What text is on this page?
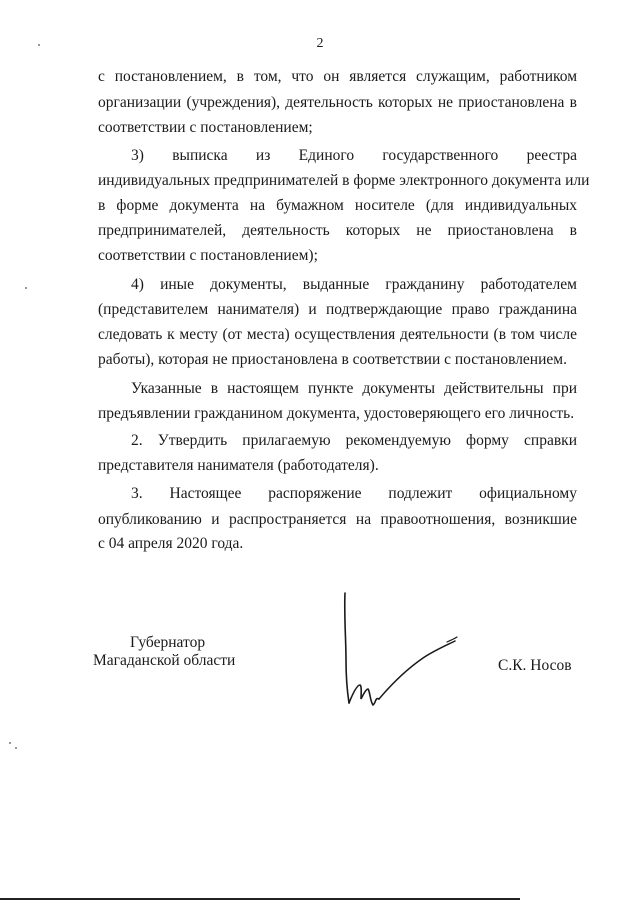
2
с постановлением, в том, что он является служащим, работником
организации (учреждения), деятельность которых не приостановлена в
соответствии с постановлением;
3) выписка из Единого государственного реестра
индивидуальных предпринимателей в форме электронного документа или
в форме документа на бумажном носителе (для индивидуальных
предпринимателей, деятельность которых не приостановлена в
соответствии с постановлением);
4) иные документы, выданные гражданину работодателем
(представителем нанимателя) и подтверждающие право гражданина
следовать к месту (от места) осуществления деятельности (в том числе
работы), которая не приостановлена в соответствии с постановлением.
Указанные в настоящем пункте документы действительны при
предъявлении гражданином документа, удостоверяющего его личность.
2. Утвердить прилагаемую рекомендуемую форму справки
представителя нанимателя (работодателя).
3. Настоящее распоряжение подлежит официальному
опубликованию и распространяется на правоотношения, возникшие
с 04 апреля 2020 года.
Губернатор
Магаданской области	С.К. Носов
